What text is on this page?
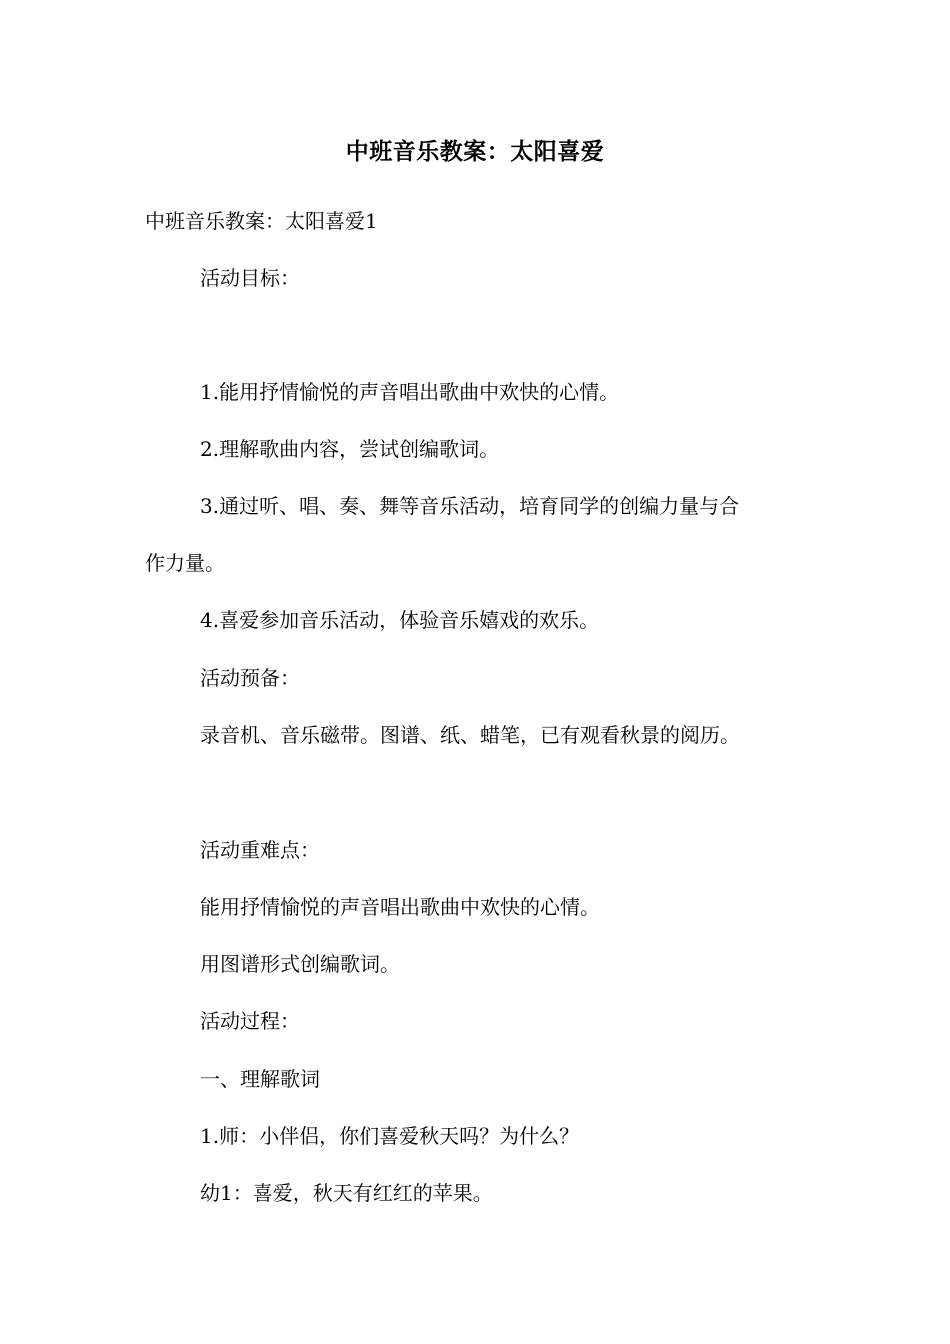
中班音乐教案：太阳喜爱
中班音乐教案：太阳喜爱1
活动目标：
1.能用抒情愉悦的声音唱出歌曲中欢快的心情。
2.理解歌曲内容，尝试创编歌词。
3.通过听、唱、奏、舞等音乐活动，培育同学的创编力量与合
作力量。
4.喜爱参加音乐活动，体验音乐嬉戏的欢乐。
活动预备：
录音机、音乐磁带。图谱、纸、蜡笔，已有观看秋景的阅历。
活动重难点：
能用抒情愉悦的声音唱出歌曲中欢快的心情。
用图谱形式创编歌词。
活动过程：
一、理解歌词
1.师：小伴侣，你们喜爱秋天吗？为什么？
幼1：喜爱，秋天有红红的苹果。
